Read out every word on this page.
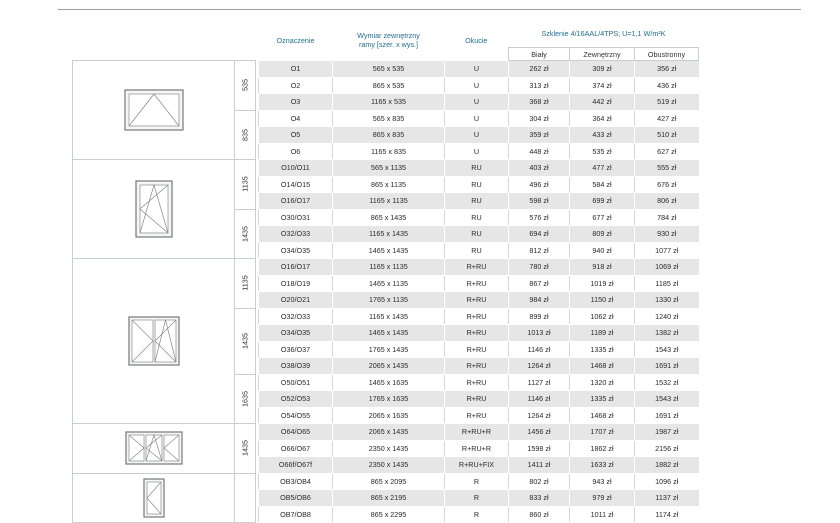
			Oznaczenie	Wymiar zewnętrzny ramy [szer. x wys.]	Okucie	Szklenie 4/16AAL/4TPS; U=1,1 W/m²K		
						Biały	Zewnętrzny	Obustronny

535		O1	565 x 535	U	262 zł	309 zł	356 zł
			O2	865 x 535	U	313 zł	374 zł	436 zł
			O3	1165 x 535	U	368 zł	442 zł	519 zł

	835		O4	565 x 835	U	304 zł	364 zł	427 zł
			O5	865 x 835	U	359 zł	433 zł	510 zł
			O6	1165 x 835	U	448 zł	535 zł	627 zł

1135		O10/O11	565 x 1135	RU	403 zł	477 zł	555 zł
			O14/O15	865 x 1135	RU	496 zł	584 zł	676 zł
			O16/O17	1165 x 1135	RU	598 zł	699 zł	806 zł

	1435		O30/O31	865 x 1435	RU	576 zł	677 zł	784 zł
			O32/O33	1165 x 1435	RU	694 zł	809 zł	930 zł
			O34/O35	1465 x 1435	RU	812 zł	940 zł	1077 zł

1135		O16/O17	1165 x 1135	R+RU	780 zł	918 zł	1069 zł
			O18/O19	1465 x 1135	R+RU	867 zł	1019 zł	1185 zł
			O20/O21	1765 x 1135	R+RU	984 zł	1150 zł	1330 zł

	1435		O32/O33	1165 x 1435	R+RU	899 zł	1062 zł	1240 zł
			O34/O35	1465 x 1435	R+RU	1013 zł	1189 zł	1382 zł
			O36/O37	1765 x 1435	R+RU	1146 zł	1335 zł	1543 zł
			O38/O39	2065 x 1435	R+RU	1264 zł	1468 zł	1691 zł

	1635		O50/O51	1465 x 1635	R+RU	1127 zł	1320 zł	1532 zł
			O52/O53	1765 x 1635	R+RU	1146 zł	1335 zł	1543 zł
			O54/O55	2065 x 1635	R+RU	1264 zł	1468 zł	1691 zł

1435		O64/O65	2065 x 1435	R+RU+R	1456 zł	1707 zł	1987 zł
			O66/O67	2350 x 1435	R+RU+R	1598 zł	1862 zł	2156 zł
			O66f/O67f	2350 x 1435	R+RU+FIX	1411 zł	1633 zł	1882 zł

		OB3/OB4	865 x 2095	R	802 zł	943 zł	1096 zł
			OB5/OB6	865 x 2195	R	833 zł	979 zł	1137 zł
			OB7/OB8	865 x 2295	R	860 zł	1011 zł	1174 zł
